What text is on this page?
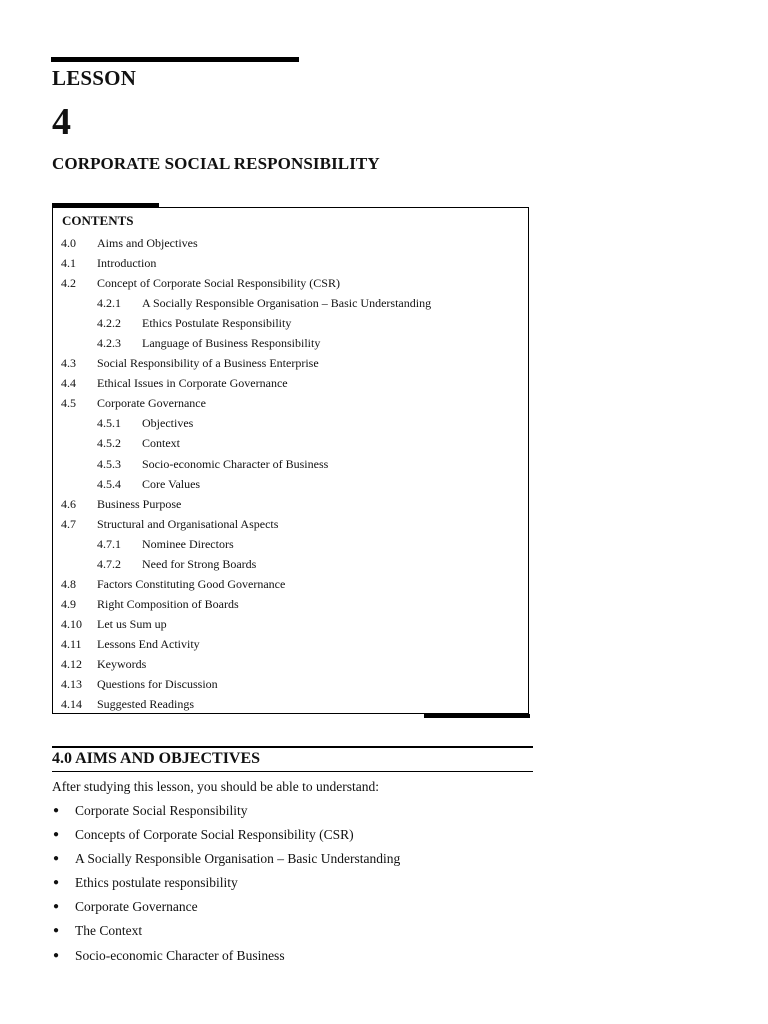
LESSON
4
CORPORATE SOCIAL RESPONSIBILITY
CONTENTS
4.0 Aims and Objectives
4.1 Introduction
4.2 Concept of Corporate Social Responsibility (CSR)
4.2.1 A Socially Responsible Organisation – Basic Understanding
4.2.2 Ethics Postulate Responsibility
4.2.3 Language of Business Responsibility
4.3 Social Responsibility of a Business Enterprise
4.4 Ethical Issues in Corporate Governance
4.5 Corporate Governance
4.5.1 Objectives
4.5.2 Context
4.5.3 Socio-economic Character of Business
4.5.4 Core Values
4.6 Business Purpose
4.7 Structural and Organisational Aspects
4.7.1 Nominee Directors
4.7.2 Need for Strong Boards
4.8 Factors Constituting Good Governance
4.9 Right Composition of Boards
4.10 Let us Sum up
4.11 Lessons End Activity
4.12 Keywords
4.13 Questions for Discussion
4.14 Suggested Readings
4.0 AIMS AND OBJECTIVES
After studying this lesson, you should be able to understand:
● Corporate Social Responsibility
● Concepts of Corporate Social Responsibility (CSR)
● A Socially Responsible Organisation – Basic Understanding
● Ethics postulate responsibility
● Corporate Governance
● The Context
● Socio-economic Character of Business
